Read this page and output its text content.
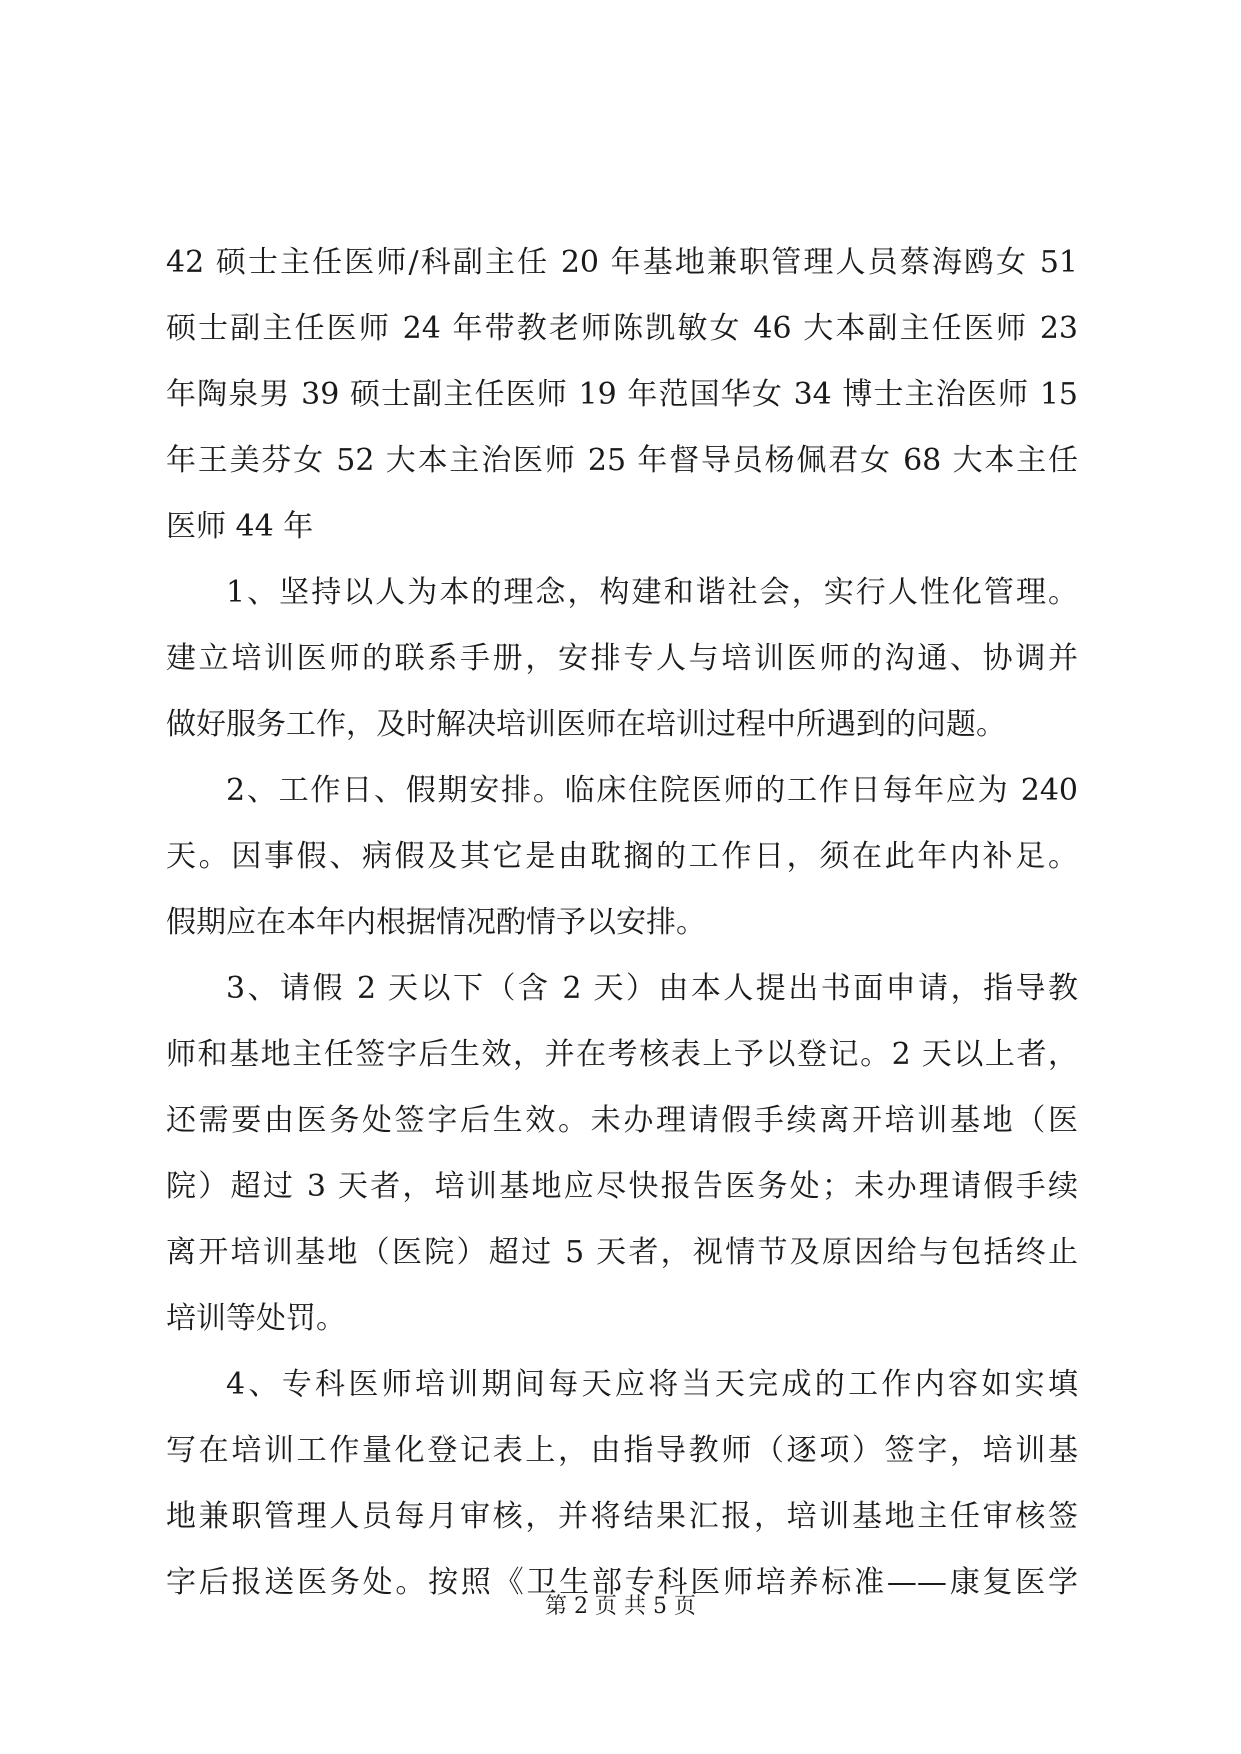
42 硕士主任医师/科副主任 20 年基地兼职管理人员蔡海鸥女 51
硕士副主任医师 24 年带教老师陈凯敏女 46 大本副主任医师 23
年陶泉男 39 硕士副主任医师 19 年范国华女 34 博士主治医师 15
年王美芬女 52 大本主治医师 25 年督导员杨佩君女 68 大本主任
医师 44 年
1、坚持以人为本的理念，构建和谐社会，实行人性化管理。
建立培训医师的联系手册，安排专人与培训医师的沟通、协调并
做好服务工作，及时解决培训医师在培训过程中所遇到的问题。
2、工作日、假期安排。临床住院医师的工作日每年应为 240
天。因事假、病假及其它是由耽搁的工作日，须在此年内补足。
假期应在本年内根据情况酌情予以安排。
3、请假 2 天以下（含 2 天）由本人提出书面申请，指导教
师和基地主任签字后生效，并在考核表上予以登记。2 天以上者，
还需要由医务处签字后生效。未办理请假手续离开培训基地（医
院）超过 3 天者，培训基地应尽快报告医务处；未办理请假手续
离开培训基地（医院）超过 5 天者，视情节及原因给与包括终止
培训等处罚。
4、专科医师培训期间每天应将当天完成的工作内容如实填
写在培训工作量化登记表上，由指导教师（逐项）签字，培训基
地兼职管理人员每月审核，并将结果汇报，培训基地主任审核签
字后报送医务处。按照《卫生部专科医师培养标准——康复医学
第 2 页 共 5 页
